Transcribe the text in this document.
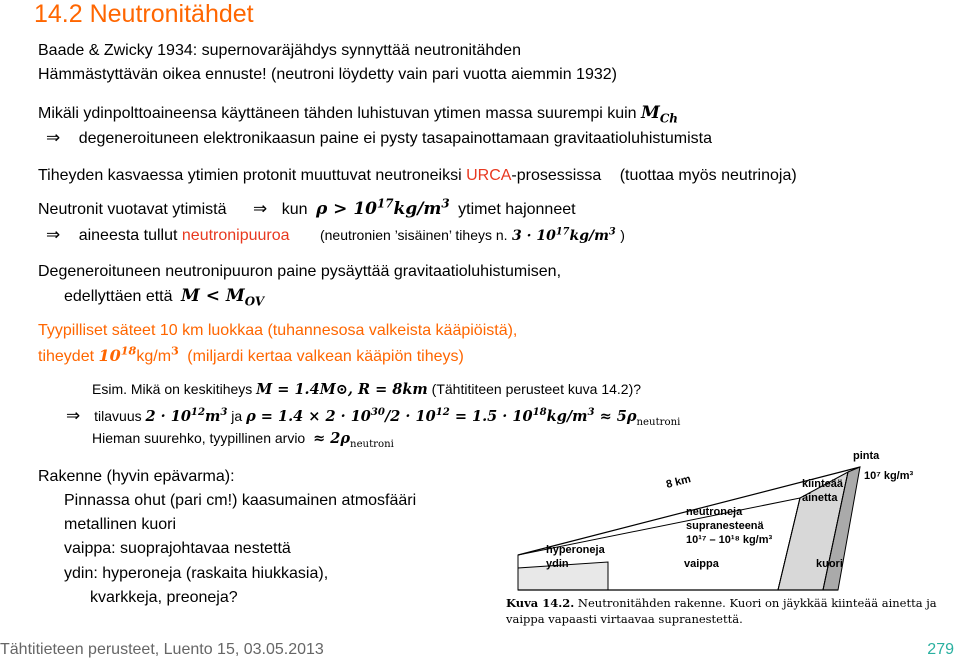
14.2 Neutronitähdet
Baade & Zwicky 1934: supernovaräjähdys synnyttää neutronitähden
Hämmästyttävän oikea ennuste! (neutroni löydetty vain pari vuotta aiemmin 1932)
Mikäli ydinpolttoaineensa käyttäneen tähden luhistuvan ytimen massa suurempi kuin $M_{Ch}$
⇒ degeneroituneen elektronikaasun paine ei pysty tasapainottamaan gravitaatioluhistumista
Tiheyden kasvaessa ytimien protonit muuttuvat neutroneiksi URCA-prosessissa (tuottaa myös neutrinoja)
Neutronit vuotavat ytimistä ⇒ kun $\rho > 10^{17}kg/m^3$ ytimet hajonneet
⇒ aineesta tullut neutronipuuroa (neutronien ’sisäinen’ tiheys n. $3 \cdot 10^{17}kg/m^3$ )
Degeneroituneen neutronipuuron paine pysäyttää gravitaatioluhistumisen,
edellyttäen että $M < M_{OV}$
Tyypilliset säteet 10 km luokkaa (tuhannesosa valkeista kääpiöistä),
tiheydet $10^{18}kg/m^3$ (miljardi kertaa valkean kääpiön tiheys)
Esim. Mikä on keskitiheys M = 1.4M⊙, R = 8km (Tähtititeen perusteet kuva 14.2)?
⇒ tilavuus $2 \cdot 10^{12}m^3$ ja $\rho = 1.4 \times 2 \cdot 10^{30}/2 \cdot 10^{12} = 1.5 \cdot 10^{18}kg/m^3 \approx 5\rho_{neutroni}$
Hieman suurehko, tyypillinen arvio ≈ $2\rho_{neutroni}$
Rakenne (hyvin epävarma):
Pinnassa ohut (pari cm!) kaasumainen atmosfääri
metallinen kuori
vaippa: suoprajohtavaa nestettä
ydin: hyperoneja (raskaita hiukkasia),
kvarkkeja, preoneja?
pinta
10⁷ kg/m³
kiinteää
ainetta
8 km
neutroneja
supranesteenä
10¹⁷ – 10¹⁸ kg/m³
hyperoneja
ydin	vaippa	kuori
Kuva 14.2. Neutronitähden rakenne. Kuori on jäykkää kiinteää ainetta ja vaippa vapaasti virtaavaa supranestettä.
Tähtitieteen perusteet, Luento 15, 03.05.2013	279
